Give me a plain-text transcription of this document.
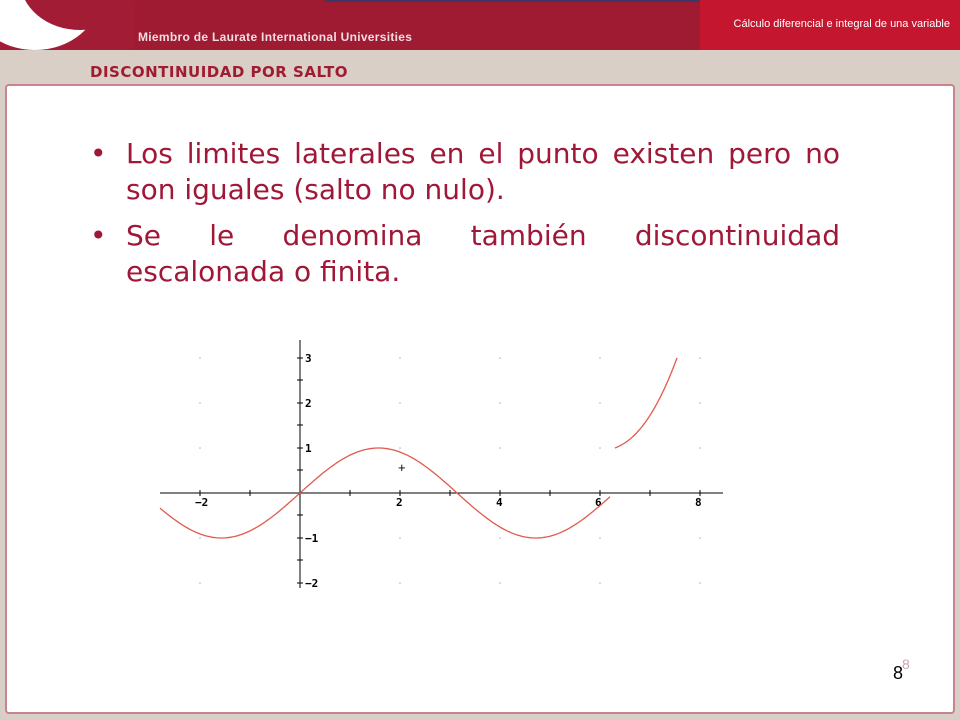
Miembro de Laurate International Universities
Cálculo diferencial e integral de una variable
DISCONTINUIDAD POR SALTO
• Los limites laterales en el punto existen pero no son iguales (salto no nulo).
• Se le denomina también discontinuidad escalonada o finita.
−2	2	4	6	8
3
2
1
−1
−2
+
8
8
